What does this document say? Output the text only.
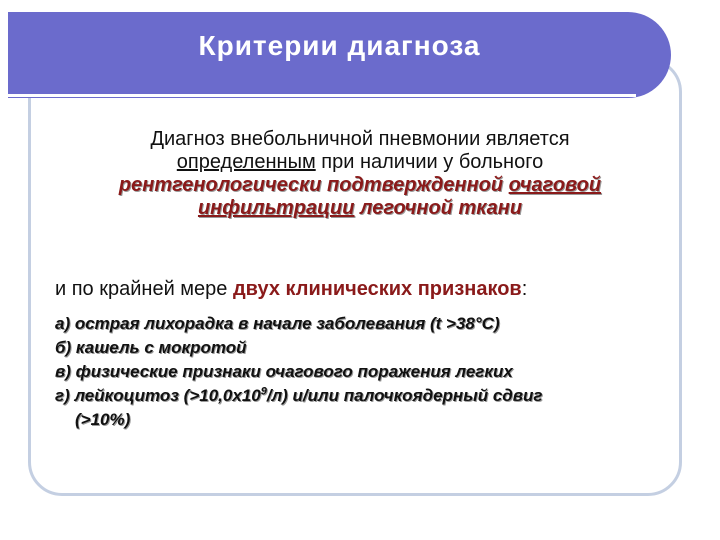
Критерии диагноза
Диагноз внебольничной пневмонии является
определенным при наличии у больного
рентгенологически подтвержденной очаговой
инфильтрации легочной ткани
и по крайней мере двух клинических признаков:
а) острая лихорадка в начале заболевания (t >38°С)
б) кашель с мокротой
в) физические признаки очагового поражения легких
г) лейкоцитоз $(>10,0х10^9/л)$ и/или палочкоядерный сдвиг
(>10%)
